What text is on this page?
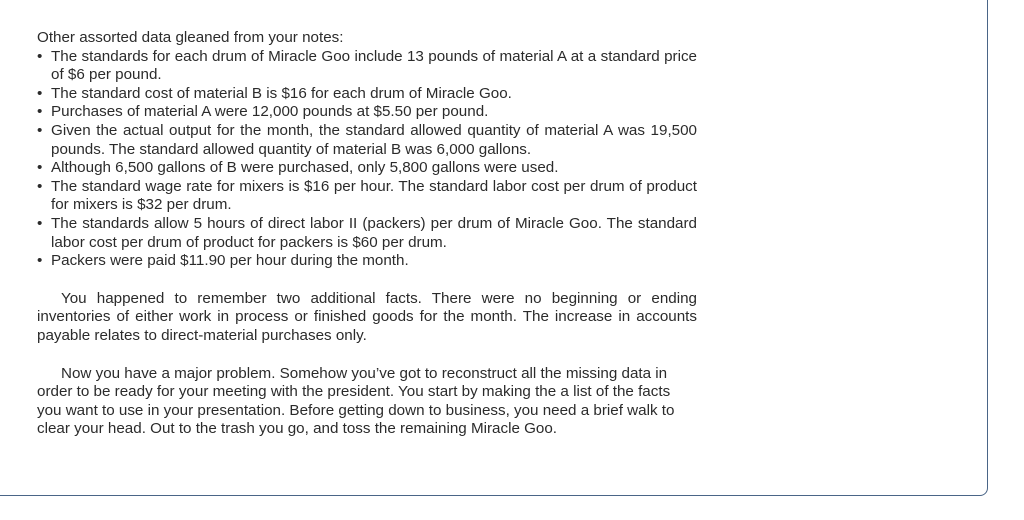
Other assorted data gleaned from your notes:

• The standards for each drum of Miracle Goo include 13 pounds of material A at a standard price of $6 per pound.
• The standard cost of material B is $16 for each drum of Miracle Goo.
• Purchases of material A were 12,000 pounds at $5.50 per pound.
• Given the actual output for the month, the standard allowed quantity of material A was 19,500 pounds. The standard allowed quantity of material B was 6,000 gallons.
• Although 6,500 gallons of B were purchased, only 5,800 gallons were used.
• The standard wage rate for mixers is $16 per hour. The standard labor cost per drum of product for mixers is $32 per drum.
• The standards allow 5 hours of direct labor II (packers) per drum of Miracle Goo. The standard labor cost per drum of product for packers is $60 per drum.
• Packers were paid $11.90 per hour during the month.

You happened to remember two additional facts. There were no beginning or ending inventories of either work in process or finished goods for the month. The increase in accounts payable relates to direct-material purchases only.

Now you have a major problem. Somehow you’ve got to reconstruct all the missing data in order to be ready for your meeting with the president. You start by making the a list of the facts you want to use in your presentation. Before getting down to business, you need a brief walk to clear your head. Out to the trash you go, and toss the remaining Miracle Goo.
